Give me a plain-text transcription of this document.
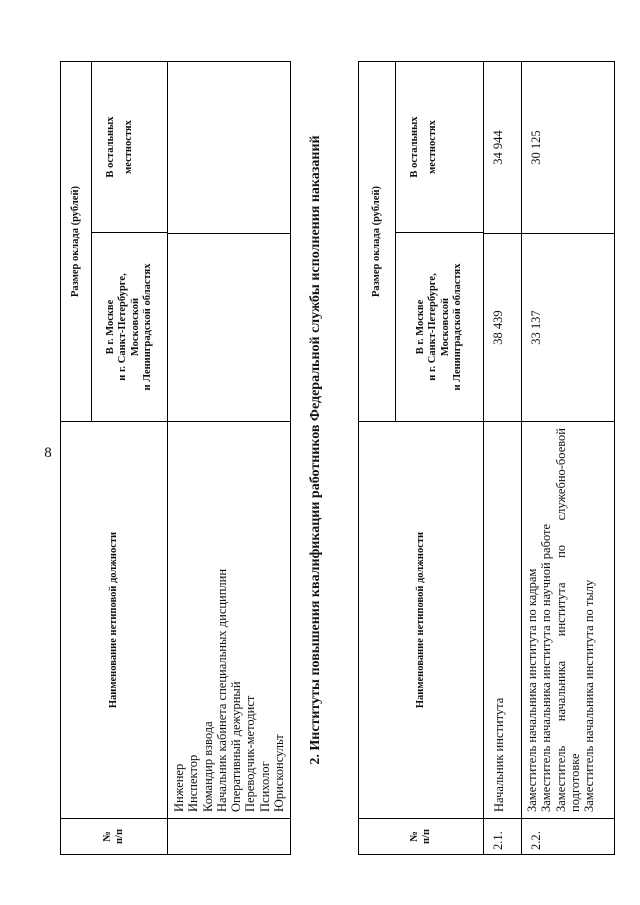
8
№
п/п
Наименование нетиповой должности
Размер оклада (рублей)
В г. Москве
и г. Санкт-Петербурге,
Московской
и Ленинградской областях
В остальных
местностях
Инженер Инспектор Командир взвода Начальник кабинета специальных дисциплин Оперативный дежурный Переводчик-методист Психолог Юрисконсульт
2. Институты повышения квалификации работников Федеральной службы исполнения наказаний
№
п/п
Наименование нетиповой должности
Размер оклада (рублей)
В г. Москве
и г. Санкт-Петербурге,
Московской
и Ленинградской областях
В остальных
местностях
2.1.
Начальник института
38 439
34 944
2.2.
Заместитель начальника института по кадрам Заместитель начальника института по научной работе Заместитель начальника института по служебно-боевой подготовке Заместитель начальника института по тылу
33 137
30 125
